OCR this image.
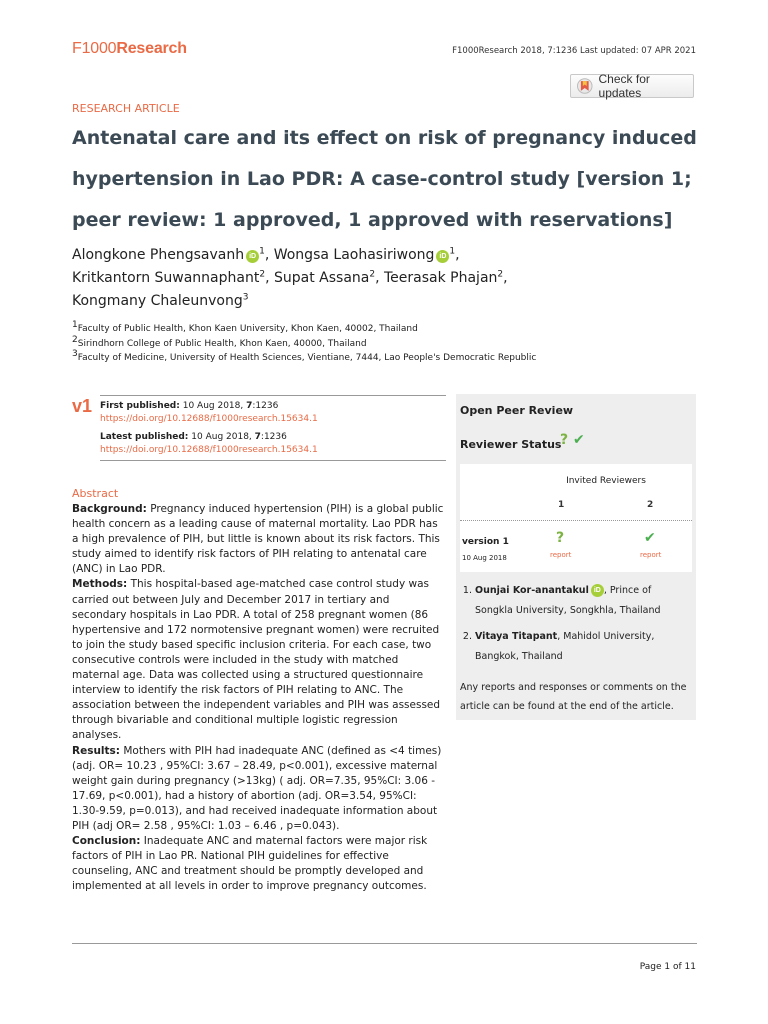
F1000Research	F1000Research 2018, 7:1236 Last updated: 07 APR 2021
Check for updates
RESEARCH ARTICLE
Antenatal care and its effect on risk of pregnancy induced hypertension in Lao PDR: A case-control study [version 1; peer review: 1 approved, 1 approved with reservations]
Alongkone Phengsavanh $iD^1$, Wongsa Laohasiriwong $iD^1$,
Kritkantorn Suwannaphant$^2$, Supat Assana$^2$, Teerasak Phajan$^2$,
Kongmany Chaleunvong$^3$
$^1$Faculty of Public Health, Khon Kaen University, Khon Kaen, 40002, Thailand
$^2$Sirindhorn College of Public Health, Khon Kaen, 40000, Thailand
$^3$Faculty of Medicine, University of Health Sciences, Vientiane, 7444, Lao People's Democratic Republic
v1 First published: 10 Aug 2018, 7:1236
https://doi.org/10.12688/f1000research.15634.1
Latest published: 10 Aug 2018, 7:1236
https://doi.org/10.12688/f1000research.15634.1
Abstract

Background: Pregnancy induced hypertension (PIH) is a global public health concern as a leading cause of maternal mortality. Lao PDR has a high prevalence of PIH, but little is known about its risk factors. This study aimed to identify risk factors of PIH relating to antenatal care (ANC) in Lao PDR.

Methods: This hospital-based age-matched case control study was carried out between July and December 2017 in tertiary and secondary hospitals in Lao PDR. A total of 258 pregnant women (86 hypertensive and 172 normotensive pregnant women) were recruited to join the study based specific inclusion criteria. For each case, two consecutive controls were included in the study with matched maternal age. Data was collected using a structured questionnaire interview to identify the risk factors of PIH relating to ANC. The association between the independent variables and PIH was assessed through bivariable and conditional multiple logistic regression analyses.

Results: Mothers with PIH had inadequate ANC (defined as <4 times) (adj. OR= 10.23 , 95%CI: 3.67 – 28.49, p<0.001), excessive maternal weight gain during pregnancy (>13kg) ( adj. OR=7.35, 95%CI: 3.06 - 17.69, p<0.001), had a history of abortion (adj. OR=3.54, 95%CI: 1.30-9.59, p=0.013), and had received inadequate information about PIH (adj OR= 2.58 , 95%CI: 1.03 – 6.46 , p=0.043).

Conclusion: Inadequate ANC and maternal factors were major risk factors of PIH in Lao PR. National PIH guidelines for effective counseling, ANC and treatment should be promptly developed and implemented at all levels in order to improve pregnancy outcomes.

Open Peer Review
Reviewer Status
? ✔
Invited Reviewers
1	2
version 1
10 Aug 2018
?	✔
report	report
1. Ounjai Kor-anantakul iD , Prince of Songkla University, Songkhla, Thailand
2. Vitaya Titapant, Mahidol University, Bangkok, Thailand
Any reports and responses or comments on the article can be found at the end of the article.
Page 1 of 11
